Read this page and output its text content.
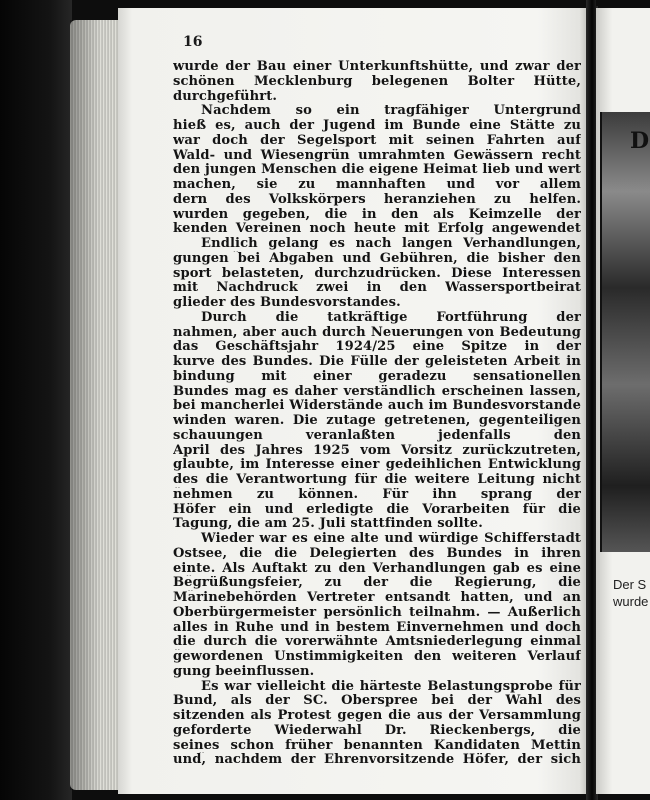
D
Der S
wurde
16
wurde der Bau einer Unterkunftshütte, und zwar der
schönen Mecklenburg belegenen Bolter Hütte,
durchgeführt.
Nachdem so ein tragfähiger Untergrund
hieß es, auch der Jugend im Bunde eine Stätte zu
war doch der Segelsport mit seinen Fahrten auf
Wald- und Wiesengrün umrahmten Gewässern recht
den jungen Menschen die eigene Heimat lieb und wert
machen, sie zu mannhaften und vor allem
dern des Volkskörpers heranziehen zu helfen.
wurden gegeben, die in den als Keimzelle der
kenden Vereinen noch heute mit Erfolg angewendet
Endlich gelang es nach langen Verhandlungen,
gungen bei Abgaben und Gebühren, die bisher den
sport belasteten, durchzudrücken. Diese Interessen
mit Nachdruck zwei in den Wassersportbeirat
glieder des Bundesvorstandes.
Durch die tatkräftige Fortführung der
nahmen, aber auch durch Neuerungen von Bedeutung
das Geschäftsjahr 1924/25 eine Spitze in der
kurve des Bundes. Die Fülle der geleisteten Arbeit in
bindung mit einer geradezu sensationellen
Bundes mag es daher verständlich erscheinen lassen,
bei mancherlei Widerstände auch im Bundesvorstande
winden waren. Die zutage getretenen, gegenteiligen
schauungen veranlaßten jedenfalls den
April des Jahres 1925 vom Vorsitz zurückzutreten,
glaubte, im Interesse einer gedeihlichen Entwicklung
des die Verantwortung für die weitere Leitung nicht
nehmen zu können. Für ihn sprang der
Höfer ein und erledigte die Vorarbeiten für die
Tagung, die am 25. Juli stattfinden sollte.
Wieder war es eine alte und würdige Schifferstadt
Ostsee, die die Delegierten des Bundes in ihren
einte. Als Auftakt zu den Verhandlungen gab es eine
Begrüßungsfeier, zu der die Regierung, die
Marinebehörden Vertreter entsandt hatten, und an
Oberbürgermeister persönlich teilnahm. — Äußerlich
alles in Ruhe und in bestem Einvernehmen und doch
die durch die vorerwähnte Amtsniederlegung einmal
gewordenen Unstimmigkeiten den weiteren Verlauf
gung beeinflussen.
Es war vielleicht die härteste Belastungsprobe für
Bund, als der SC. Oberspree bei der Wahl des
sitzenden als Protest gegen die aus der Versammlung
geforderte Wiederwahl Dr. Rieckenbergs, die
seines schon früher benannten Kandidaten Mettin
und, nachdem der Ehrenvorsitzende Höfer, der sich
